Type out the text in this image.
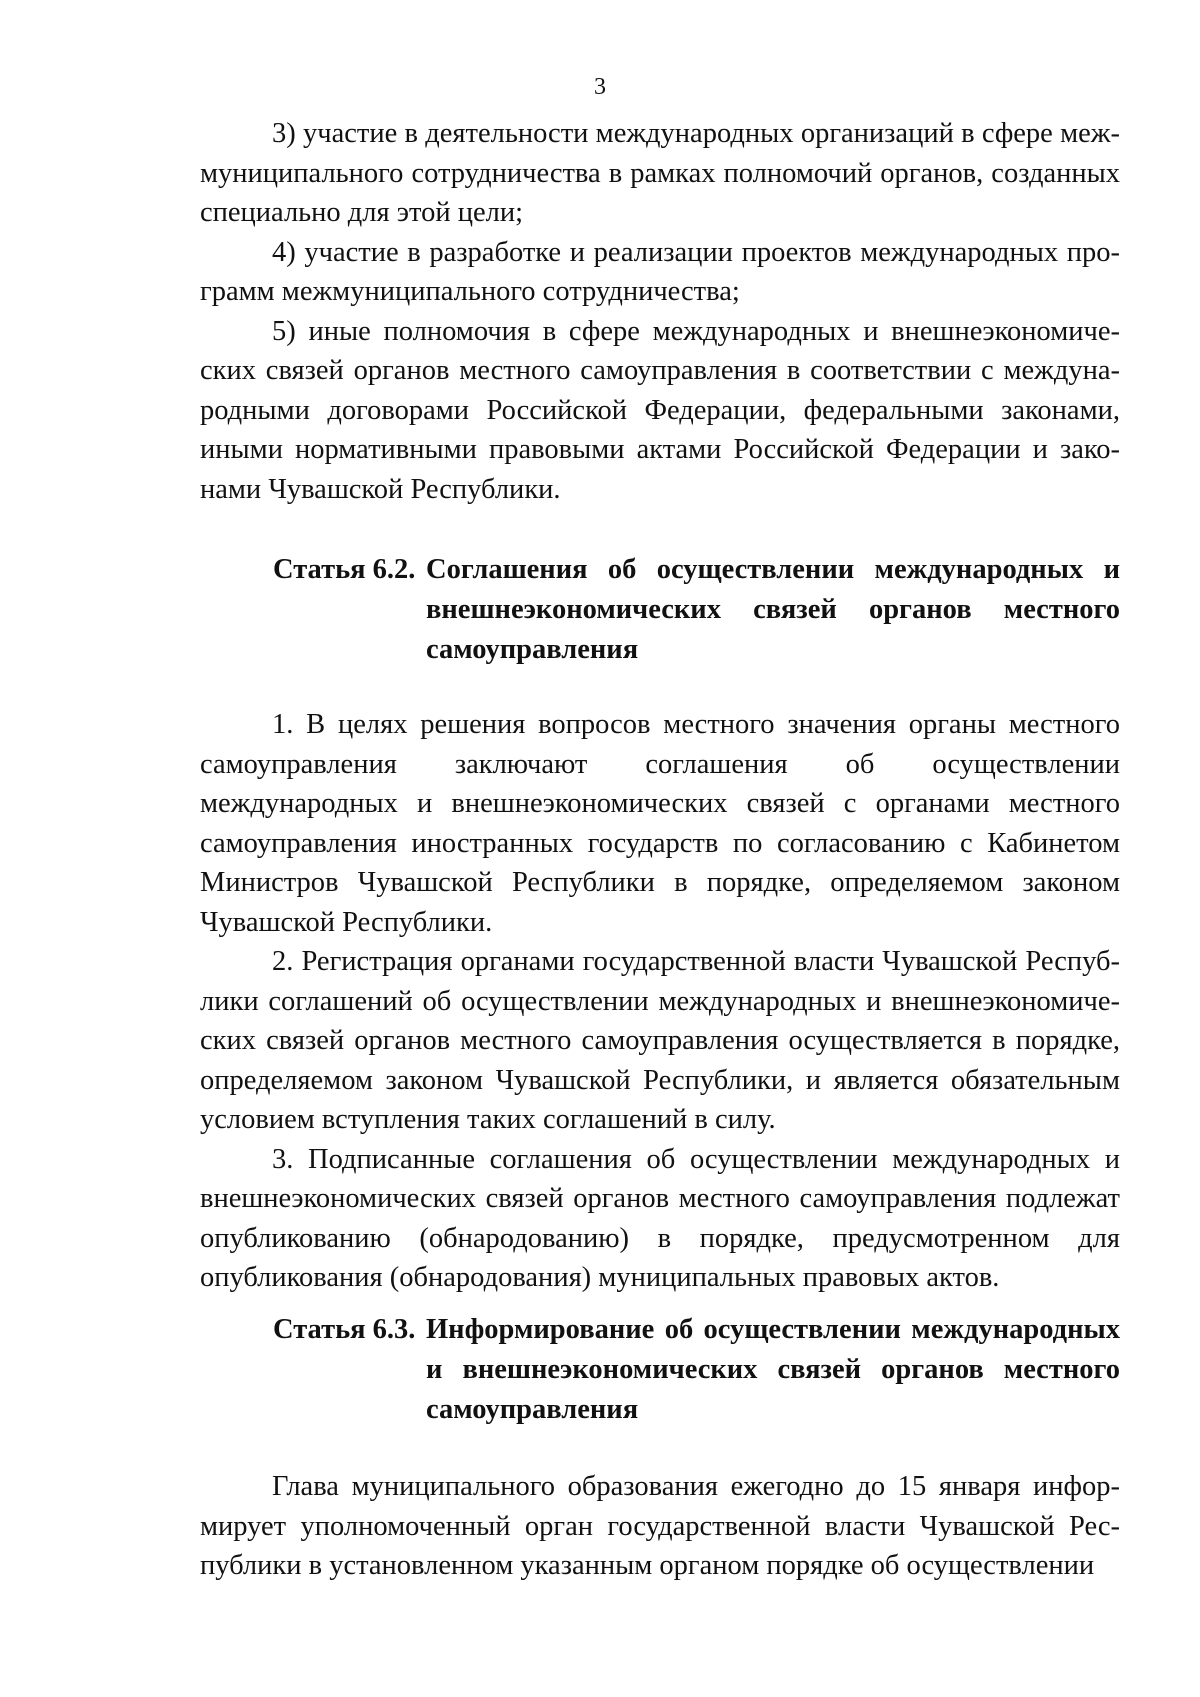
3

3) участие в деятельности международных организаций в сфере межмуниципального сотрудничества в рамках полномочий органов, созданных специально для этой цели;

4) участие в разработке и реализации проектов международных программ межмуниципального сотрудничества;

5) иные полномочия в сфере международных и внешнеэкономических связей органов местного самоуправления в соответствии с международными договорами Российской Федерации, федеральными законами, иными нормативными правовыми актами Российской Федерации и законами Чувашской Республики.

Статья 6.2. Соглашения об осуществлении международных и внешнеэкономических связей органов местного самоуправления

1. В целях решения вопросов местного значения органы местного самоуправления заключают соглашения об осуществлении международных и внешнеэкономических связей с органами местного самоуправления иностранных государств по согласованию с Кабинетом Министров Чувашской Республики в порядке, определяемом законом Чувашской Республики.

2. Регистрация органами государственной власти Чувашской Республики соглашений об осуществлении международных и внешнеэкономических связей органов местного самоуправления осуществляется в порядке, определяемом законом Чувашской Республики, и является обязательным условием вступления таких соглашений в силу.

3. Подписанные соглашения об осуществлении международных и внешнеэкономических связей органов местного самоуправления подлежат опубликованию (обнародованию) в порядке, предусмотренном для опубликования (обнародования) муниципальных правовых актов.

Статья 6.3. Информирование об осуществлении международных и внешнеэкономических связей органов местного самоуправления

Глава муниципального образования ежегодно до 15 января информирует уполномоченный орган государственной власти Чувашской Республики в установленном указанным органом порядке об осуществлении
